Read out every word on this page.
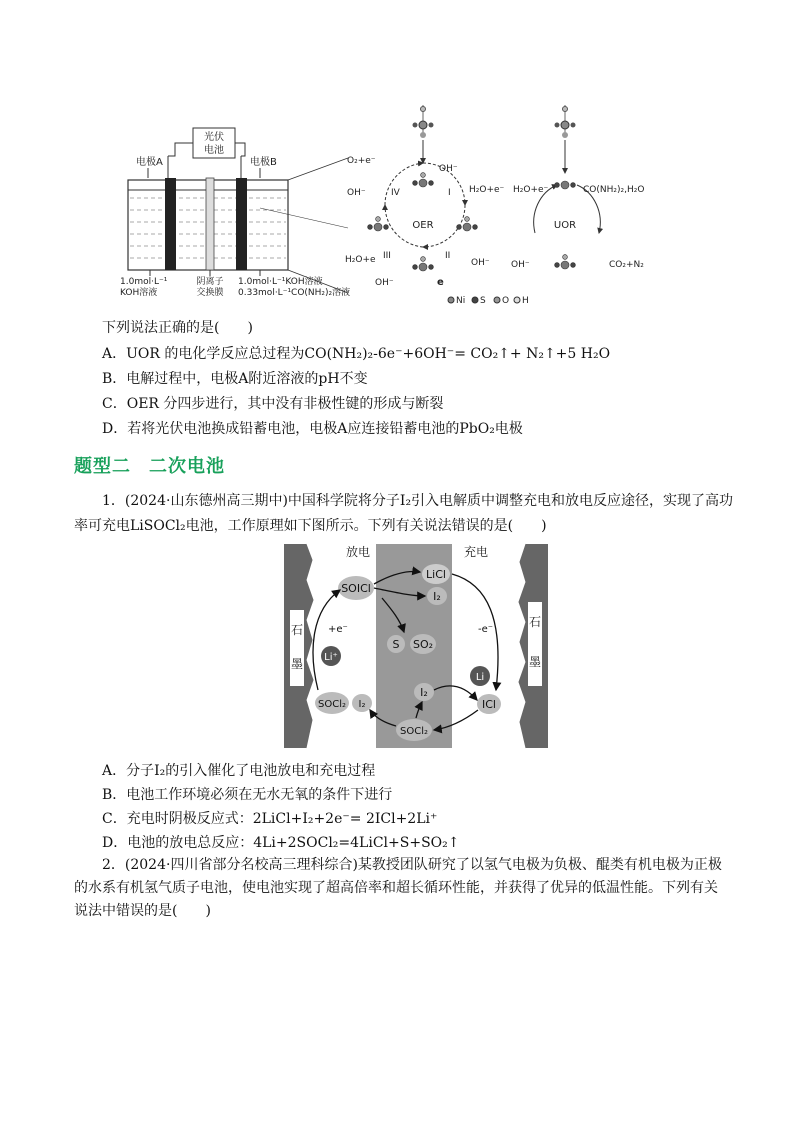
光伏
电池
电极A	电极B
1.0mol·L⁻¹
KOH溶液
阴离子
交换膜
1.0mol·L⁻¹KOH溶液
0.33mol·L⁻¹CO(NH₂)₂溶液
OER
O₂+e⁻
OH⁻
OH⁻	H₂O+e⁻
IV	I
III	II
H₂O+e	OH⁻
OH⁻	e
UOR
H₂O+e⁻	CO(NH₂)₂,H₂O
OH⁻	CO₂+N₂
Ni S O H
下列说法正确的是(　　)
A．UOR 的电化学反应总过程为CO(NH₂)₂-6e⁻+6OH⁻= CO₂↑+ N₂↑+5 H₂O
B．电解过程中，电极A附近溶液的pH不变
C．OER 分四步进行，其中没有非极性键的形成与断裂
D．若将光伏电池换成铅蓄电池，电极A应连接铅蓄电池的PbO₂电极
题型二 二次电池
1．(2024·山东德州高三期中)中国科学院将分子I₂引入电解质中调整充电和放电反应途径，实现了高功
率可充电LiSOCl₂电池，工作原理如下图所示。下列有关说法错误的是(　　)
石
墨
石
墨
放电	充电
SOICl
LiCl
I₂
+e⁻	-e⁻
Li⁺
S SO₂
Li
ICl
SOCl₂ I₂
I₂
SOCl₂
A．分子I₂的引入催化了电池放电和充电过程
B．电池工作环境必须在无水无氧的条件下进行
C．充电时阴极反应式：2LiCl+I₂+2e⁻= 2ICl+2Li⁺
D．电池的放电总反应：4Li+2SOCl₂=4LiCl+S+SO₂↑
2．(2024·四川省部分名校高三理科综合)某教授团队研究了以氢气电极为负极、醌类有机电极为正极
的水系有机氢气质子电池，使电池实现了超高倍率和超长循环性能，并获得了优异的低温性能。下列有关
说法中错误的是(　　)
